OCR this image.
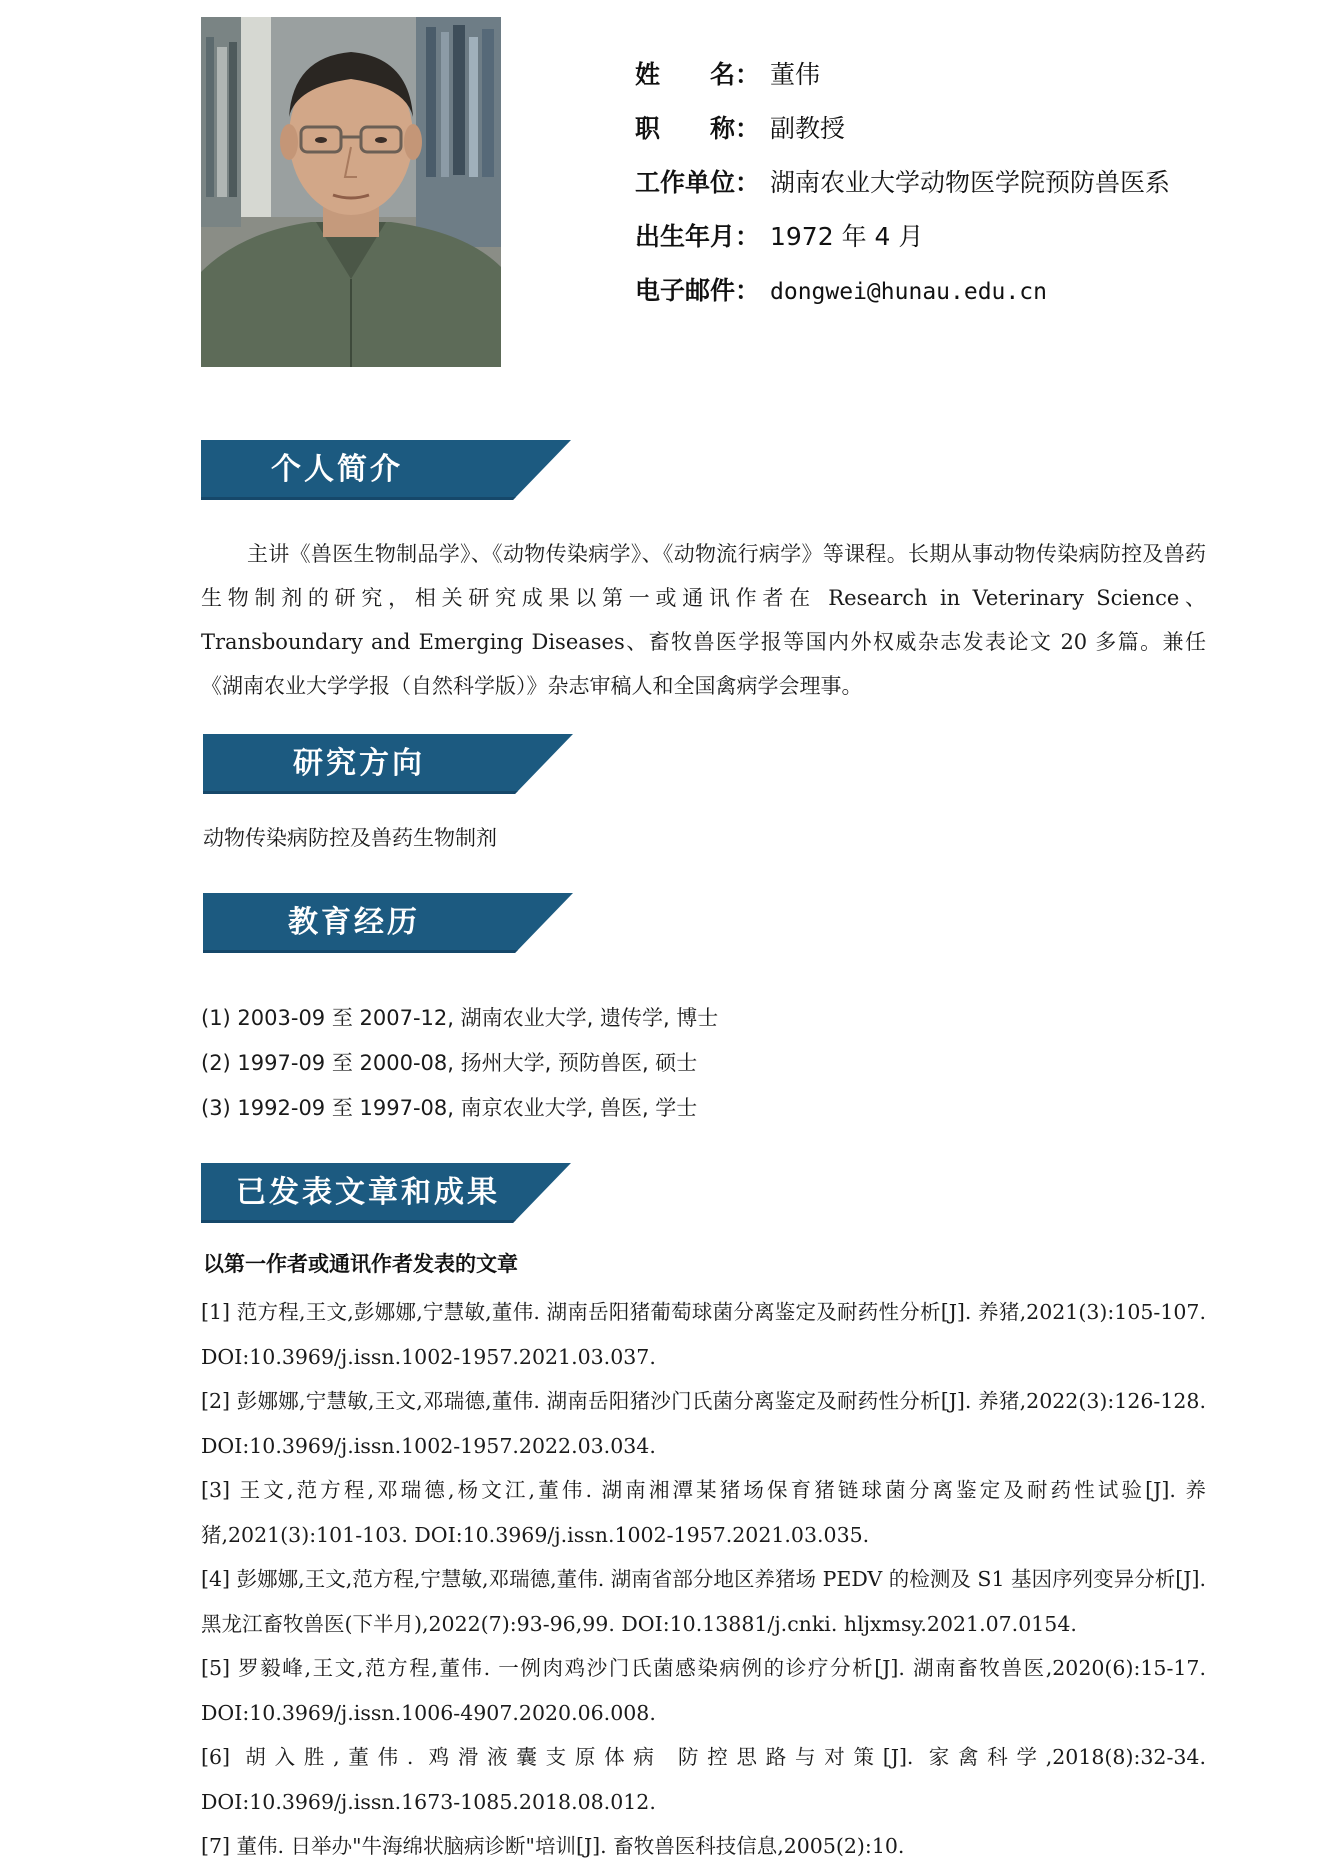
姓　　名： 董伟
职　　称： 副教授
工作单位： 湖南农业大学动物医学院预防兽医系
出生年月： 1972 年 4 月
电子邮件： dongwei@hunau.edu.cn
个人简介
主讲《兽医生物制品学》、《动物传染病学》、《动物流行病学》等课程。长期从事动物传染病防控及兽药生物制剂的研究，相关研究成果以第一或通讯作者在 Research in Veterinary Science、Transboundary and Emerging Diseases、畜牧兽医学报等国内外权威杂志发表论文 20 多篇。兼任《湖南农业大学学报（自然科学版）》杂志审稿人和全国禽病学会理事。
研究方向
动物传染病防控及兽药生物制剂
教育经历
(1) 2003-09 至 2007-12, 湖南农业大学, 遗传学, 博士
(2) 1997-09 至 2000-08, 扬州大学, 预防兽医, 硕士
(3) 1992-09 至 1997-08, 南京农业大学, 兽医, 学士
已发表文章和成果
以第一作者或通讯作者发表的文章
[1] 范方程,王文,彭娜娜,宁慧敏,董伟. 湖南岳阳猪葡萄球菌分离鉴定及耐药性分析[J]. 养猪,2021(3):105-107. DOI:10.3969/j.issn.1002-1957.2021.03.037.
[2] 彭娜娜,宁慧敏,王文,邓瑞德,董伟. 湖南岳阳猪沙门氏菌分离鉴定及耐药性分析[J]. 养猪,2022(3):126-128. DOI:10.3969/j.issn.1002-1957.2022.03.034.
[3] 王文,范方程,邓瑞德,杨文江,董伟. 湖南湘潭某猪场保育猪链球菌分离鉴定及耐药性试验[J]. 养猪,2021(3):101-103. DOI:10.3969/j.issn.1002-1957.2021.03.035.
[4] 彭娜娜,王文,范方程,宁慧敏,邓瑞德,董伟. 湖南省部分地区养猪场 PEDV 的检测及 S1 基因序列变异分析[J]. 黑龙江畜牧兽医(下半月),2022(7):93-96,99. DOI:10.13881/j.cnki. hljxmsy.2021.07.0154.
[5] 罗毅峰,王文,范方程,董伟. 一例肉鸡沙门氏菌感染病例的诊疗分析[J]. 湖南畜牧兽医,2020(6):15-17. DOI:10.3969/j.issn.1006-4907.2020.06.008.
[6] 胡入胜,董伟. 鸡滑液囊支原体病 防控思路与对策[J]. 家禽科学,2018(8):32-34. DOI:10.3969/j.issn.1673-1085.2018.08.012.
[7] 董伟. 日举办"牛海绵状脑病诊断"培训[J]. 畜牧兽医科技信息,2005(2):10.
